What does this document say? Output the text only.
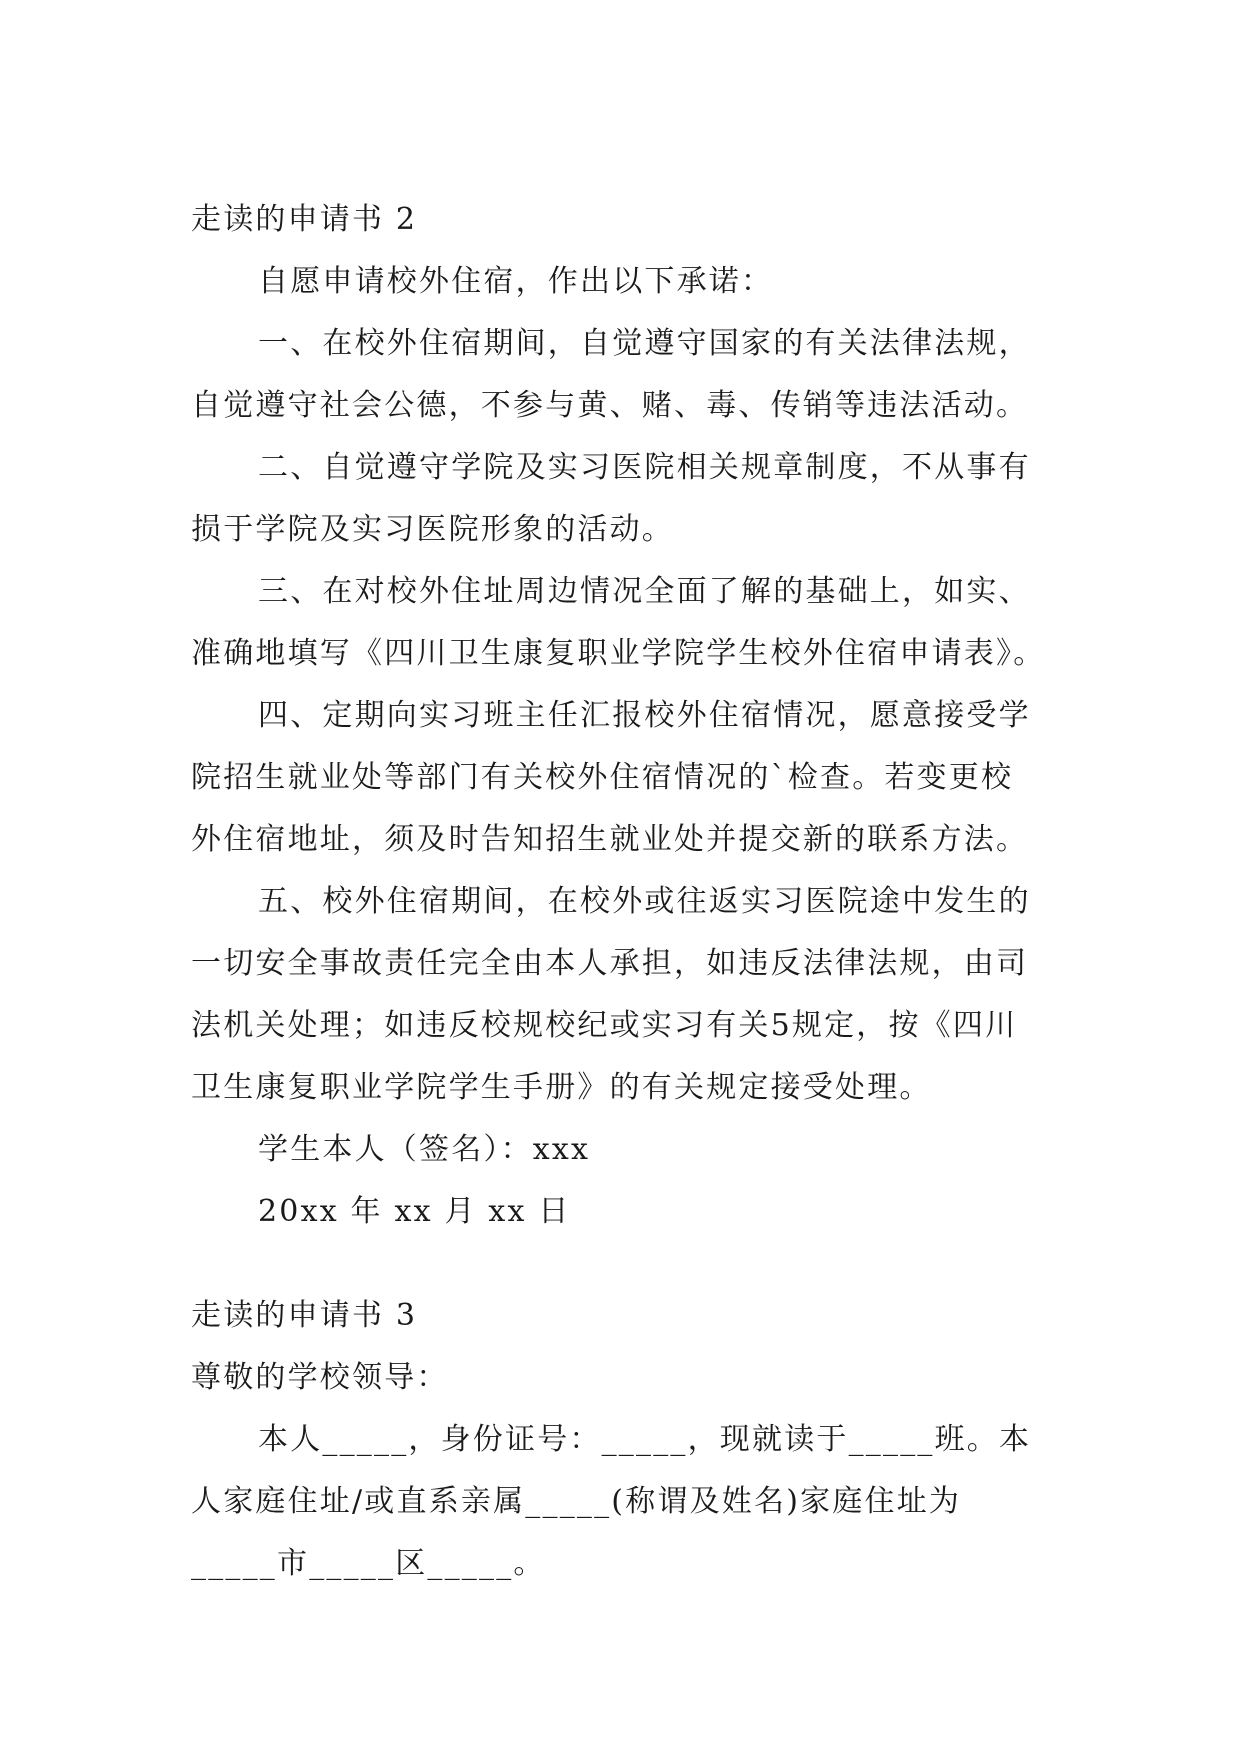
走读的申请书 2
自愿申请校外住宿，作出以下承诺：
一、在校外住宿期间，自觉遵守国家的有关法律法规，
自觉遵守社会公德，不参与黄、赌、毒、传销等违法活动。
二、自觉遵守学院及实习医院相关规章制度，不从事有
损于学院及实习医院形象的活动。
三、在对校外住址周边情况全面了解的基础上，如实、
准确地填写《四川卫生康复职业学院学生校外住宿申请表》。
四、定期向实习班主任汇报校外住宿情况，愿意接受学
院招生就业处等部门有关校外住宿情况的`检查。若变更校
外住宿地址，须及时告知招生就业处并提交新的联系方法。
五、校外住宿期间，在校外或往返实习医院途中发生的
一切安全事故责任完全由本人承担，如违反法律法规，由司
法机关处理；如违反校规校纪或实习有关5规定，按《四川
卫生康复职业学院学生手册》的有关规定接受处理。
学生本人（签名）：xxx
20xx 年 xx 月 xx 日
走读的申请书 3
尊敬的学校领导：
本人_____，身份证号：_____，现就读于_____班。本
人家庭住址/或直系亲属_____(称谓及姓名)家庭住址为
_____市_____区_____。
